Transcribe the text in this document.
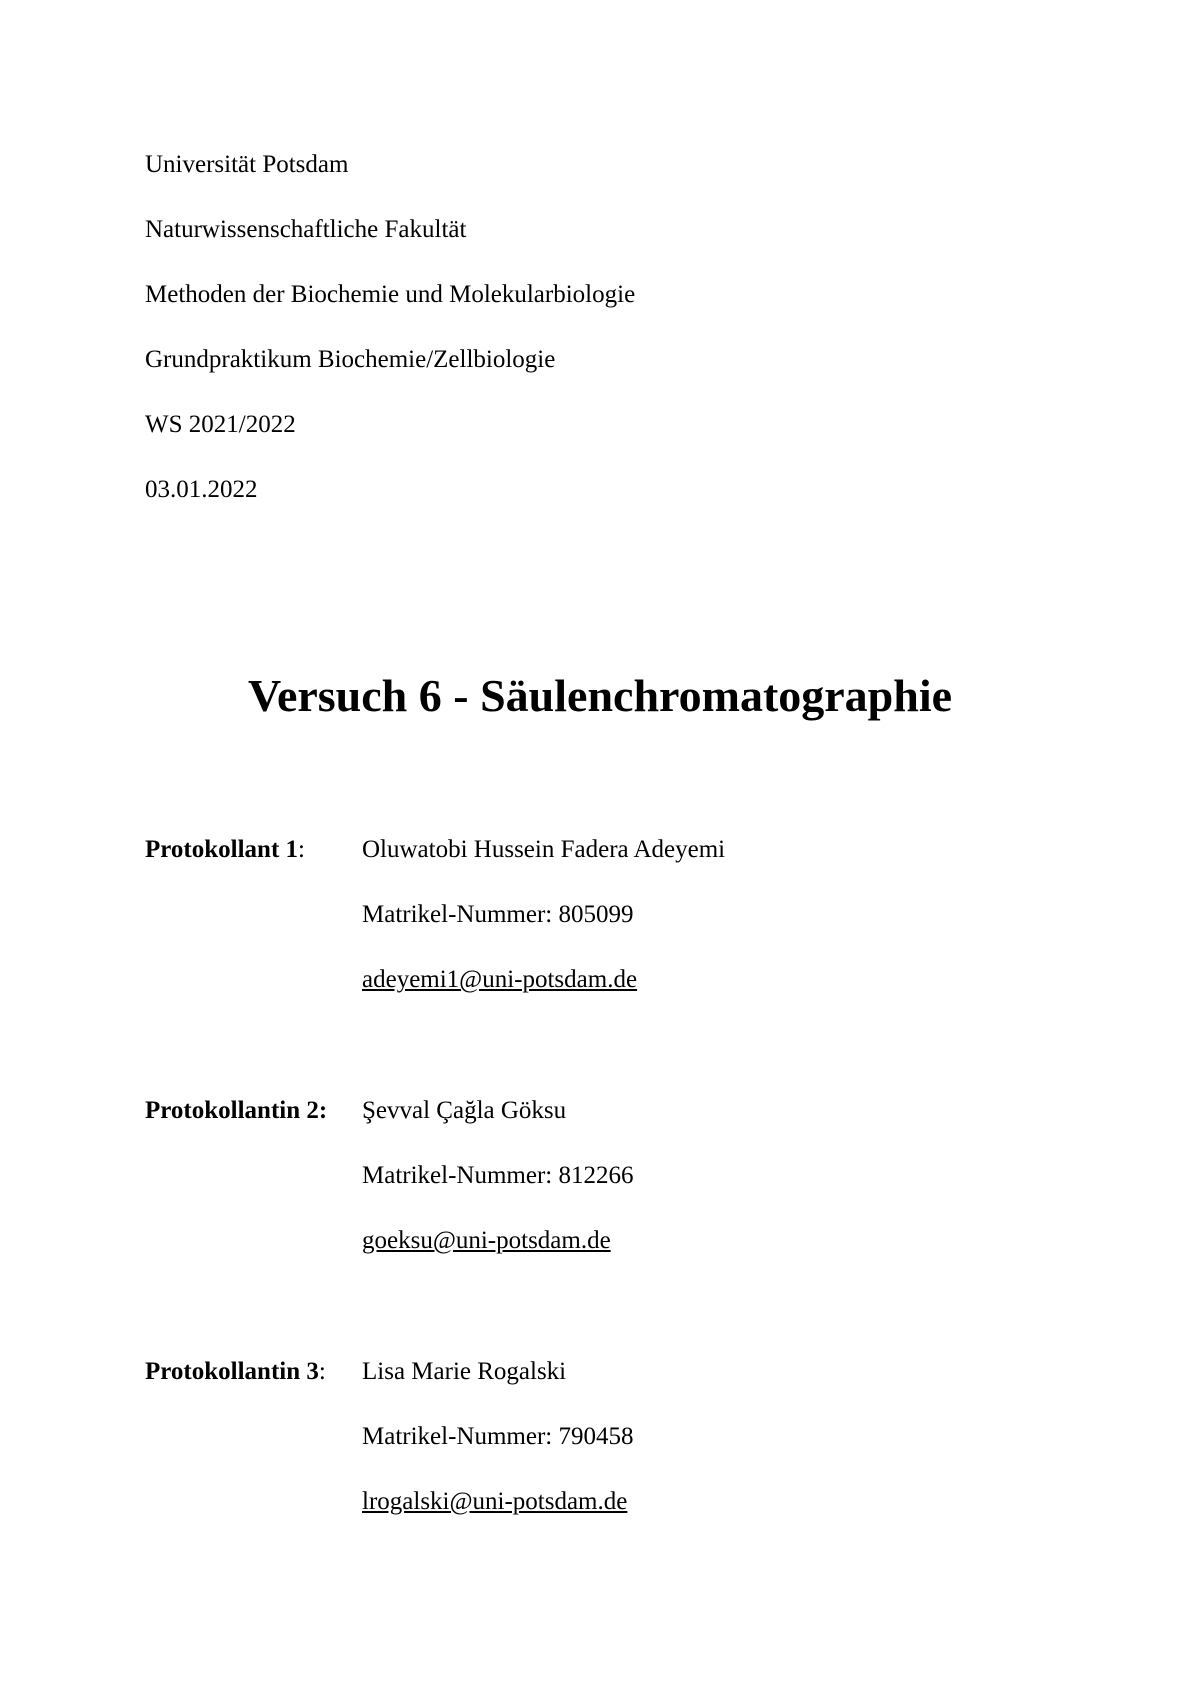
Universität Potsdam
Naturwissenschaftliche Fakultät
Methoden der Biochemie und Molekularbiologie
Grundpraktikum Biochemie/Zellbiologie
WS 2021/2022
03.01.2022
Versuch 6 - Säulenchromatographie
Protokollant 1: Oluwatobi Hussein Fadera Adeyemi
Matrikel-Nummer: 805099
adeyemi1@uni-potsdam.de
Protokollantin 2: Şevval Çağla Göksu
Matrikel-Nummer: 812266
goeksu@uni-potsdam.de
Protokollantin 3: Lisa Marie Rogalski
Matrikel-Nummer: 790458
lrogalski@uni-potsdam.de
